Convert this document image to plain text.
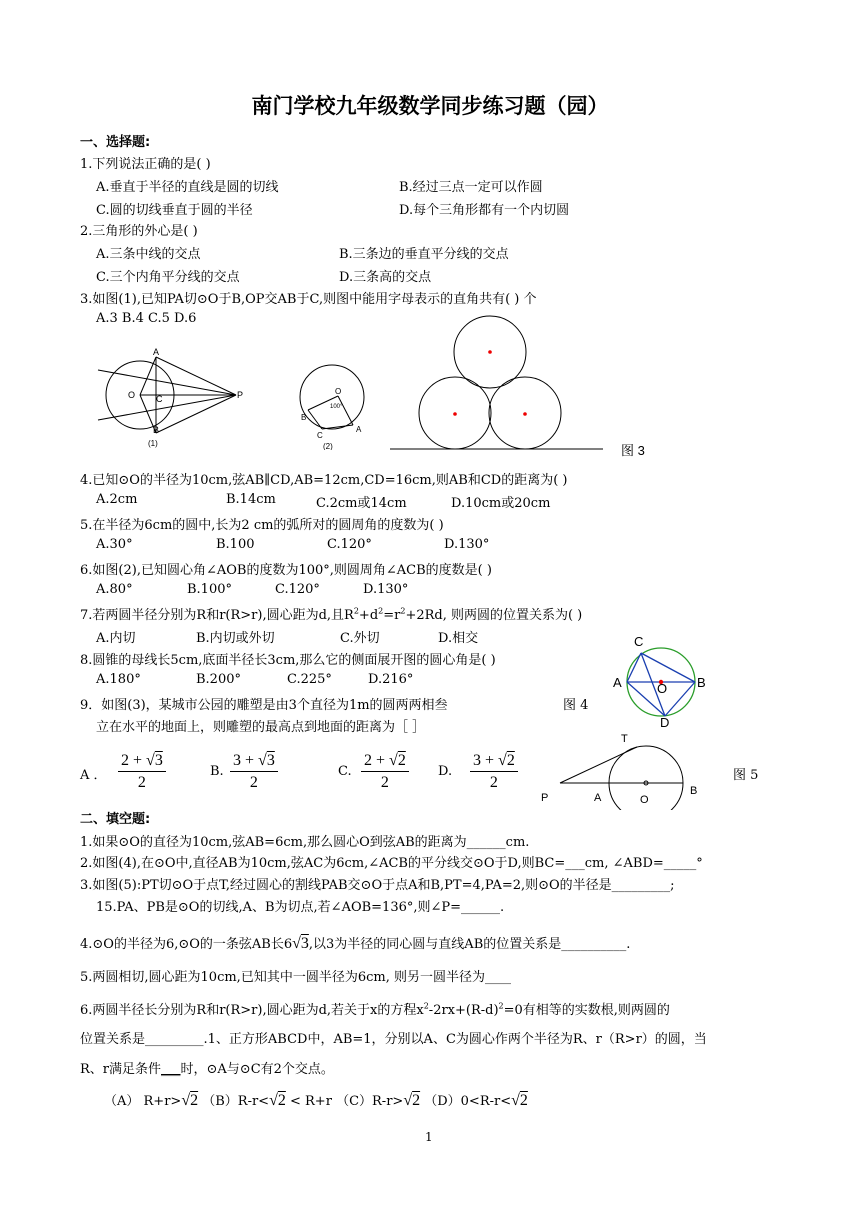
南门学校九年级数学同步练习题（园）
一、选择题:
1.下列说法正确的是( )
A.垂直于半径的直线是圆的切线	B.经过三点一定可以作圆
C.圆的切线垂直于圆的半径	D.每个三角形都有一个内切圆
2.三角形的外心是( )
A.三条中线的交点	B.三条边的垂直平分线的交点
C.三个内角平分线的交点	D.三条高的交点
3.如图(1),已知PA切⊙O于B,OP交AB于C,则图中能用字母表示的直角共有( ) 个
A.3 B.4 C.5 D.6
A
O C
B
P
(1)
O
100°
B
C
A
(2)	图 3
4.已知⊙O的半径为10cm,弦AB∥CD,AB=12cm,CD=16cm,则AB和CD的距离为( )
A.2cm	B.14cm	C.2cm或14cm	D.10cm或20cm
5.在半径为6cm的圆中,长为2 cm的弧所对的圆周角的度数为( )
A.30°	B.100	C.120°	D.130°
6.如图(2),已知圆心角∠AOB的度数为100°,则圆周角∠ACB的度数是( )
A.80°	B.100°	C.120°	D.130°
7.若两圆半径分别为R和r(R>r),圆心距为d,且$R^2+d^2=r^2+2Rd$, 则两圆的位置关系为( )
A.内切	B.内切或外切	C.外切	D.相交
8.圆锥的母线长5cm,底面半径长3cm,那么它的侧面展开图的圆心角是( )
A.180°	B.200°	C.225°	D.216°
C
A	O B
D
9．如图(3)，某城市公园的雕塑是由3个直径为1m的圆两两相叁	图 4
立在水平的地面上，则雕塑的最高点到地面的距离为［ ］
A ． $\frac{2 + √3}{2}$	B. $\frac{3 + √3}{2}$	C. $\frac{2 + √2}{2} D$. $\frac{3 + √2}{2}$
T
P	A	O
B
图 5
二、填空题:
1.如果⊙O的直径为10cm,弦AB=6cm,那么圆心O到弦AB的距离为______cm.
2.如图(4),在⊙O中,直径AB为10cm,弦AC为6cm,∠ACB的平分线交⊙O于D,则BC=___cm, ∠ABD=_____°
3.如图(5):PT切⊙O于点T,经过圆心的割线PAB交⊙O于点A和B,PT=4,PA=2,则⊙O的半径是_________;
15.PA、PB是⊙O的切线,A、B为切点,若∠AOB=136°,则∠P=______.
4.⊙O的半径为6,⊙O的一条弦AB长6√3,以3为半径的同心圆与直线AB的位置关系是__________.
5.两圆相切,圆心距为10cm,已知其中一圆半径为6cm, 则另一圆半径为____
6.两圆半径长分别为R和r(R>r),圆心距为d,若关于x的方程$x^2-2rx+(R-d)^2=0$有相等的实数根,则两圆的
位置关系是_________.1、正方形ABCD中，AB=1，分别以A、C为圆心作两个半径为R、r（R>r）的圆，当
R、r满足条件___时，⊙A与⊙C有2个交点。
（A） R+r>√2 （B）R-r<√2 < R+r （C）R-r>√2 （D）0<R-r<√2
1
